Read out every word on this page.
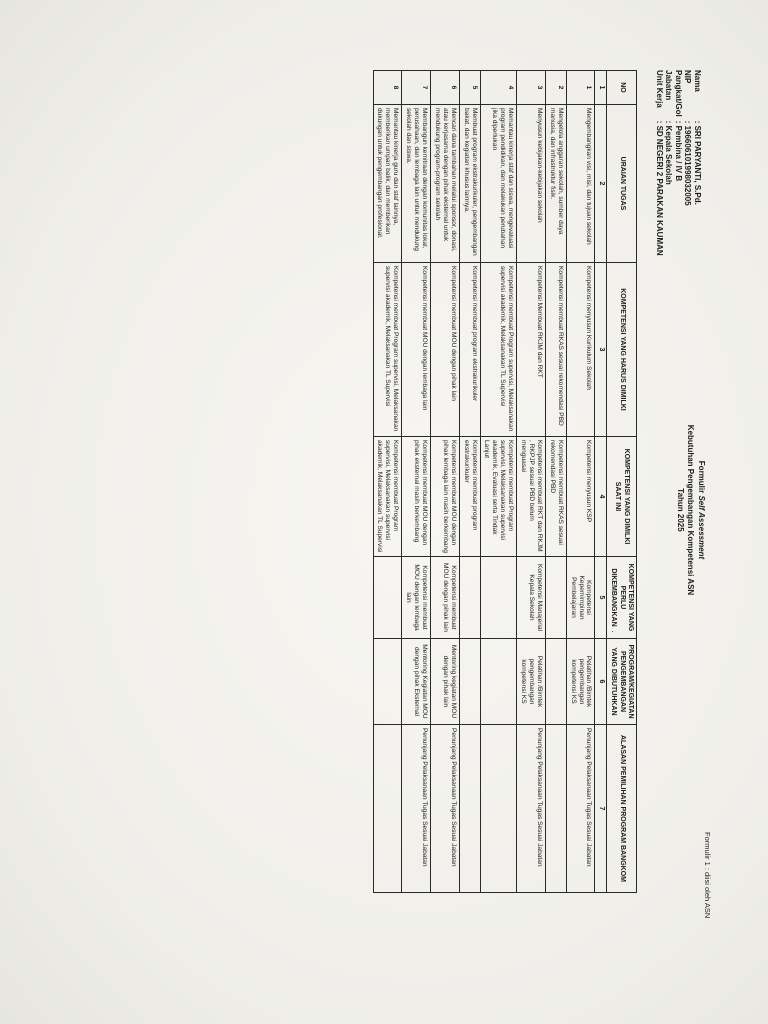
Formulir 1 : diisi oleh ASN
Formulir Self Assessment
Kebutuhan Pengembangan Kompetensi ASN
Tahun 2025
Nama	: SRI PARYANTI, S.Pd.
NIP	: 196606101998032005
Pangkat/Gol	: Pembina / IV B
Jabatan	: Kepala Sekolah
Unit Kerja	: SD NEGERI 2 PARAKAN KAUMAN
·
NO	URAIAN TUGAS	KOMPETENSI YANG HARUS DIMILKI	KOMPETENSI YANG DIMILKI SAAT INI	KOMPETENSI YANG PERLU DIKEMBANGKAN	PROGRAM/KEGIATAN PENGEMBANGAN YANG DIBUTUHKAN	ALASAN PEMILIHAN PROGRAM BANGKOM
1	2	3	4	5	6	7
1	Mengembangkan visi, misi, dan tujuan sekolah	Kompetensi menyusun Kurikulum Sekolah	Kompetensi menyusun KSP	Kompetensi Kepemimpinan Pembelajaran	Pelatihan /Bimtek pengembangan kompetensi KS	Penunjang Pelaksanaan Tugas Sesuai Jabatan
2	Mengelola anggaran sekolah, sumber daya manusia, dan infrastruktur fisik.	Kompetensi membuat RKAS sesuai rekomendasi PBD	Kompetensi membuat RKAS sesuai rekomendasi PBD			
3	Menyusun kebijakan-kebijakan sekolah	Kompetensi Membuat RKJM dan RKT	Kompetensi membuat RKT dan RKJM , RKPJP sesuai PBD belum menguasai	Kompetensi Manajerial Kepala Sekolah	Pelatihan /Bimtek pengembangan kompetensi KS	Penunjang Pelaksanaan Tugas Sesuai Jabatan
4	Memantau kinerja staf dan siswa, mengevaluasi program pendidikan, dan melakukan perubahan jika diperlukan	Kompetensi membuat Program supervisi, Melaksanakan supervisi akademik, Melaksanakan TL Supervisi	Kompetensi membuat Program supervisi, Melaksanakan supervisi akademik, Evaluasi serta Tindak Lanjut			
5	Membuat program ekstrakurikuler, pengembangan bakat, dan kegiatan khusus lainnya.	Kompetensi membuat program ekstrakurikuler	Kompetensi membuat program ekstrakurikuler			
6	Mencari dana tambahan melalui sponsor, donasi, atau kerjasama dengan pihak eksternal untuk mendukung program-program sekolah	Kompetensi membuat MOU dengan pihak lain	Kompetensi membuat MOU dengan pihak lembaga lain masih berkembang	Kompetensi membuat MOU dengan pihak lain	Mentoring kegiatan MOU dengan pihak lain	Penunjang Pelaksanaan Tugas Sesuai Jabatan
7	Membangun kemitraan dengan komunitas lokal, perusahaan, dan lembaga lain untuk mendukung sekolah dan siswa.	Kompetensi membuat MOU dengan lembaga lain	Kompetensi membuat MOU dengan pihak eksternal masih berkembang	Kompetensi membuat MOU dengan lembaga lain	Mentoring Kegiatan MOU dengan pihak Eksternal	Penunjang Pelaksanaan Tugas Sesuai Jabatan
8	Memantau kinerja guru dan staf lainnya, memberikan umpan balik, dan memberikan dukungan untuk pengembangan profesional.	Kompetensi membuat Program supervisi, Melaksanakan supervisi akademik, Melaksanakan TL Supervisi	Kompetensi membuat Program supervisi, Melaksanakan supervisi akademik, Melaksanakan TL Supervisi			
